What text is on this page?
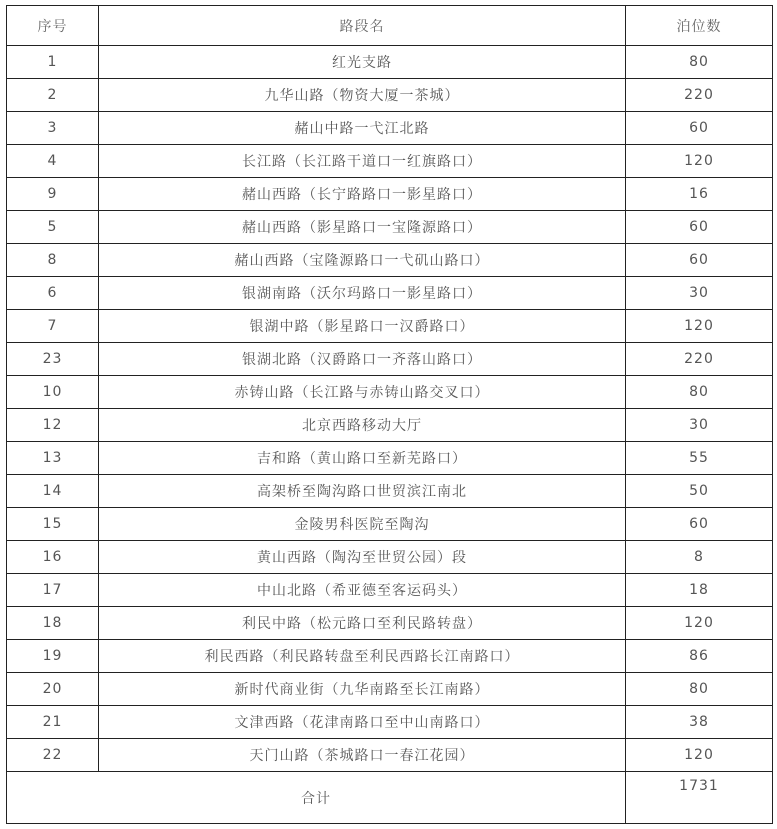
序号	路段名	泊位数
1	红光支路	80
2	九华山路（物资大厦一茶城）	220
3	赭山中路一弋江北路	60
4	长江路（长江路干道口一红旗路口）	120
9	赭山西路（长宁路路口一影星路口）	16
5	赭山西路（影星路口一宝隆源路口）	60
8	赭山西路（宝隆源路口一弋矶山路口）	60
6	银湖南路（沃尔玛路口一影星路口）	30
7	银湖中路（影星路口一汉爵路口）	120
23	银湖北路（汉爵路口一齐落山路口）	220
10	赤铸山路（长江路与赤铸山路交叉口）	80
12	北京西路移动大厅	30
13	吉和路（黄山路口至新芜路口）	55
14	高架桥至陶沟路口世贸滨江南北	50
15	金陵男科医院至陶沟	60
16	黄山西路（陶沟至世贸公园）段	8
17	中山北路（希亚德至客运码头）	18
18	利民中路（松元路口至利民路转盘）	120
19	利民西路（利民路转盘至利民西路长江南路口）	86
20	新时代商业街（九华南路至长江南路）	80
21	文津西路（花津南路口至中山南路口）	38
22	天门山路（茶城路口一春江花园）	120
合计		1731
